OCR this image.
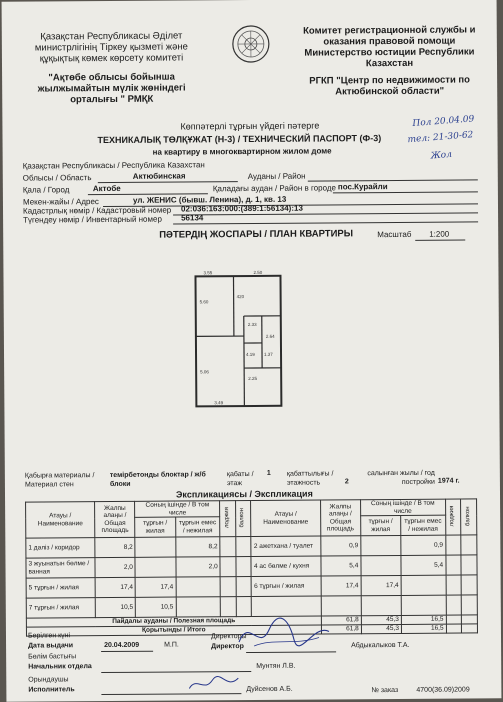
Қазақстан Республикасы Әділет
министрлігінің Тіркеу қызметі және
құқықтық көмек көрсету комитеті
"Ақтөбе облысы бойынша
жылжымайтын мүлік жөніндегі
орталығы " РМҚК
Комитет регистрационной службы и
оказания правовой помощи
Министерство юстиции Республики
Казахстан
РГКП "Центр по недвижимости по
Актюбинской области"
Пол 20.04.09
тел: 21-30-62
Жол
Көппәтерлі тұрғын үйдегі пәтерге
ТЕХНИКАЛЫҚ ТӨЛҚҰЖАТ (Н-3) / ТЕХНИЧЕСКИЙ ПАСПОРТ (Ф-3)
на квартиру в многоквартирном жилом доме
Қазақстан Республикасы / Республика Казахстан
Облысы / Область	Актюбинская	Ауданы / Район
Қала / Город	Актобе	Қаладағы аудан / Район в городе пос.Курайли
Мекен-жайы / Адрес	ул. ЖЕНИС (бывш. Ленина), д. 1, кв. 13
Кадастрлық нөмір / Кадастровый номер 02:036:163:000:(389:1:56134):13
Түгендеу нөмір / Инвентарный номер 56134
ПӘТЕРДІҢ ЖОСПАРЫ / ПЛАН КВАРТИРЫ	Масштаб 1:200
3.55	2.50
5.60
420
2.33
5.06
2.64
4.19 1.37
2.25
3.49
Қабырға материалы / Материал стен
темірбетонды блоктар / ж/б блоки
қабаты / этаж
1 қабаттылығы / этажность	2
салынған жылы / год постройки 1974 г.
Экспликациясы / Экспликация
Атауы / Наименование	Жалпы алаңы / Общая площадь	Соның ішінде / В том числе		лоджия	балкон	Атауы / Наименование	Жалпы алаңы / Общая площадь	Соның ішінде / В том числе		лоджия	балкон
		тұрғын / жилая	тұрғын емес / нежилая					тұрғын / жилая	тұрғын емес / нежилая		
1 дәліз / коридор	8,2		8,2			2 ажетхана / туалет	0,9		0,9		
3 жуынатын бөлме / ванная	2,0		2,0			4 ас бөлме / кухня	5,4		5,4		
5 тұрғын / жилая	17,4	17,4				6 тұрғын / жилая	17,4	17,4			
7 тұрғын / жилая	10,5	10,5									
Пайдалы ауданы / Полезная площадь							61,8	45,3	16,5		
Қорытынды / Итого							61,8	45,3	16,5		
Берілген күні
Дата выдачи	20.04.2009	М.П.
Директоры
Директор	Абдыкалыков Т.А.
Бөлім бастығы
Начальник отдела	Мунтян Л.В.
Орындаушы
Исполнитель	Дуйсенов А.Б.	№ заказ	4700(36.09)2009
